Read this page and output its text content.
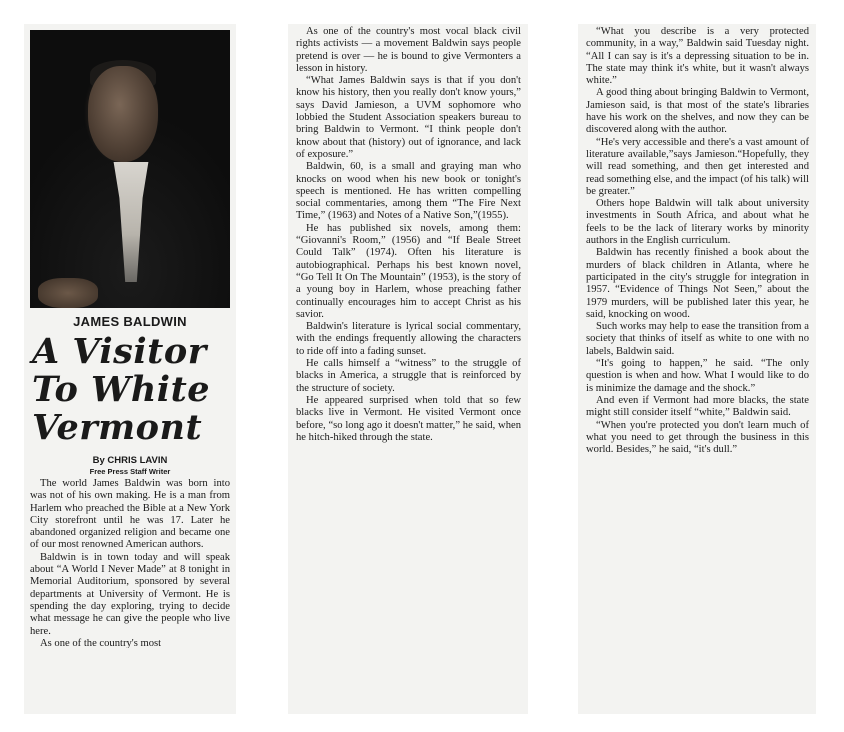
JAMES BALDWIN
A Visitor
To White
Vermont
By CHRIS LAVIN
Free Press Staff Writer

The world James Baldwin was born into was not of his own making. He is a man from Harlem who preached the Bible at a New York City storefront until he was 17. Later he abandoned organized religion and became one of our most renowned American authors.

Baldwin is in town today and will speak about “A World I Never Made” at 8 tonight in Memorial Auditorium, sponsored by several departments at University of Vermont. He is spending the day exploring, trying to decide what message he can give the people who live here.

As one of the country's most

As one of the country's most vocal black civil rights activists — a movement Baldwin says people pretend is over — he is bound to give Vermonters a lesson in history.

“What James Baldwin says is that if you don't know his history, then you really don't know yours,” says David Jamieson, a UVM sophomore who lobbied the Student Association speakers bureau to bring Baldwin to Vermont. “I think people don't know about that (history) out of ignorance, and lack of exposure.”

Baldwin, 60, is a small and graying man who knocks on wood when his new book or tonight's speech is mentioned. He has written compelling social commentaries, among them “The Fire Next Time,” (1963) and Notes of a Native Son,”(1955).

He has published six novels, among them: “Giovanni's Room,” (1956) and “If Beale Street Could Talk” (1974). Often his literature is autobiographical. Perhaps his best known novel, “Go Tell It On The Mountain” (1953), is the story of a young boy in Harlem, whose preaching father continually encourages him to accept Christ as his savior.

Baldwin's literature is lyrical social commentary, with the endings frequently allowing the characters to ride off into a fading sunset.

He calls himself a “witness” to the struggle of blacks in America, a struggle that is reinforced by the structure of society.

He appeared surprised when told that so few blacks live in Vermont. He visited Vermont once before, “so long ago it doesn't matter,” he said, when he hitch-hiked through the state.

“What you describe is a very protected community, in a way,” Baldwin said Tuesday night. “All I can say is it's a depressing situation to be in. The state may think it's white, but it wasn't always white.”

A good thing about bringing Baldwin to Vermont, Jamieson said, is that most of the state's libraries have his work on the shelves, and now they can be discovered along with the author.

“He's very accessible and there's a vast amount of literature available,”says Jamieson.“Hopefully, they will read something, and then get interested and read something else, and the impact (of his talk) will be greater.”

Others hope Baldwin will talk about university investments in South Africa, and about what he feels to be the lack of literary works by minority authors in the English curriculum.

Baldwin has recently finished a book about the murders of black children in Atlanta, where he participated in the city's struggle for integration in 1957. “Evidence of Things Not Seen,” about the 1979 murders, will be published later this year, he said, knocking on wood.

Such works may help to ease the transition from a society that thinks of itself as white to one with no labels, Baldwin said.

“It's going to happen,” he said. “The only question is when and how. What I would like to do is minimize the damage and the shock.”

And even if Vermont had more blacks, the state might still consider itself “white,” Baldwin said.

“When you're protected you don't learn much of what you need to get through the business in this world. Besides,” he said, “it's dull.”
